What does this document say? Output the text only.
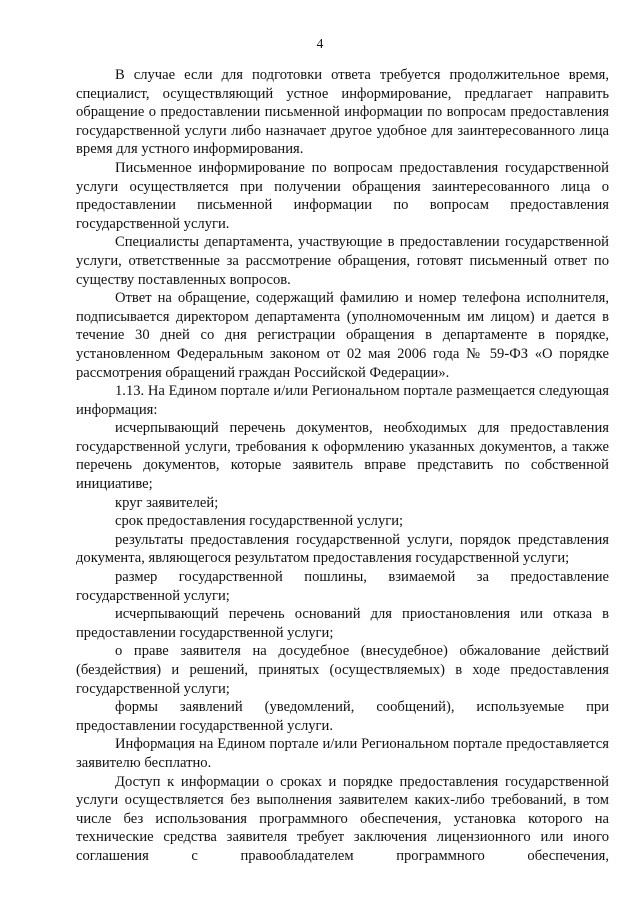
4

В случае если для подготовки ответа требуется продолжительное время, специалист, осуществляющий устное информирование, предлагает направить обращение о предоставлении письменной информации по вопросам предоставления государственной услуги либо назначает другое удобное для заинтересованного лица время для устного информирования.

Письменное информирование по вопросам предоставления государственной услуги осуществляется при получении обращения заинтересованного лица о предоставлении письменной информации по вопросам предоставления государственной услуги.

Специалисты департамента, участвующие в предоставлении государственной услуги, ответственные за рассмотрение обращения, готовят письменный ответ по существу поставленных вопросов.

Ответ на обращение, содержащий фамилию и номер телефона исполнителя, подписывается директором департамента (уполномоченным им лицом) и дается в течение 30 дней со дня регистрации обращения в департаменте в порядке, установленном Федеральным законом от 02 мая 2006 года № 59-ФЗ «О порядке рассмотрения обращений граждан Российской Федерации».

1.13. На Едином портале и/или Региональном портале размещается следующая информация:

исчерпывающий перечень документов, необходимых для предоставления государственной услуги, требования к оформлению указанных документов, а также перечень документов, которые заявитель вправе представить по собственной инициативе;

круг заявителей;

срок предоставления государственной услуги;

результаты предоставления государственной услуги, порядок представления документа, являющегося результатом предоставления государственной услуги;

размер государственной пошлины, взимаемой за предоставление государственной услуги;

исчерпывающий перечень оснований для приостановления или отказа в предоставлении государственной услуги;

о праве заявителя на досудебное (внесудебное) обжалование действий (бездействия) и решений, принятых (осуществляемых) в ходе предоставления государственной услуги;

формы заявлений (уведомлений, сообщений), используемые при предоставлении государственной услуги.

Информация на Едином портале и/или Региональном портале предоставляется заявителю бесплатно.

Доступ к информации о сроках и порядке предоставления государственной услуги осуществляется без выполнения заявителем каких-либо требований, в том числе без использования программного обеспечения, установка которого на технические средства заявителя требует заключения лицензионного или иного соглашения с правообладателем программного обеспечения,
